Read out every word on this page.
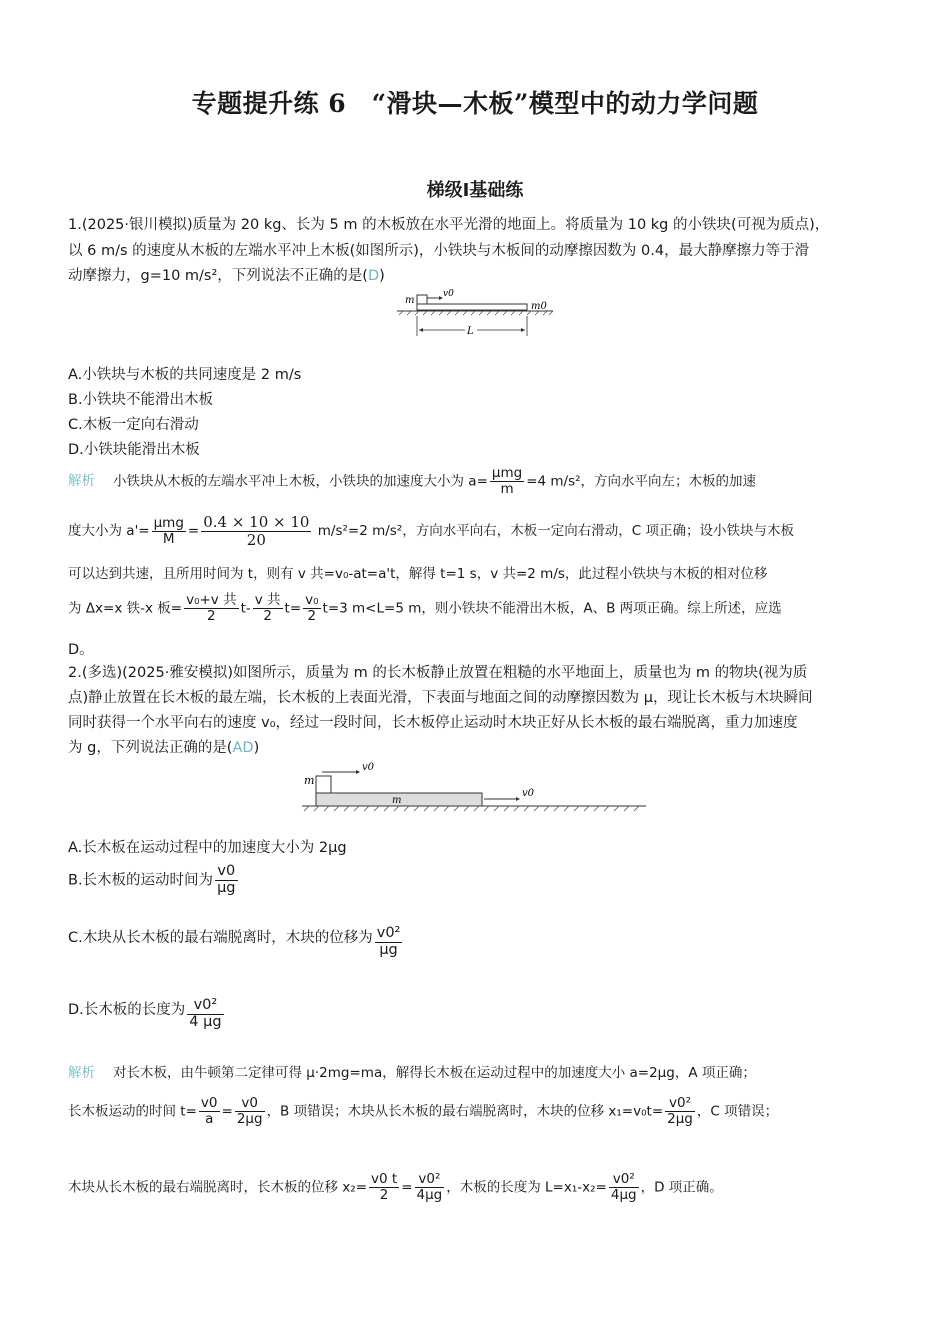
专题提升练 6　“滑块—木板”模型中的动力学问题
梯级Ⅰ基础练
1.(2025·银川模拟)质量为 20 kg、长为 5 m 的木板放在水平光滑的地面上。将质量为 10 kg 的小铁块(可视为质点)，
以 6 m/s 的速度从木板的左端水平冲上木板(如图所示)，小铁块与木板间的动摩擦因数为 0.4，最大静摩擦力等于滑
动摩擦力，g=10 m/s²，下列说法不正确的是(D)
m
v0
m0
L
A.小铁块与木板的共同速度是 2 m/s
B.小铁块不能滑出木板
C.木板一定向右滑动
D.小铁块能滑出木板
解析 小铁块从木板的左端水平冲上木板，小铁块的加速度大小为 $a= \frac{\text{μmg}}{m} =4$ m/s²，方向水平向左；木板的加速
度大小为 $a'= \frac{\text{μmg}}{M} = \frac{0.4 \times 10 \times 10}{20} m/s^2=2$ m/s²，方向水平向右，木板一定向右滑动，C 项正确；设小铁块与木板
可以达到共速，且所用时间为 t，则有 v 共=v₀-at=a't，解得 t=1 s，v 共=2 m/s，此过程小铁块与木板的相对位移
为 Δx=x 铁-x 板= $\frac{\text{v₀+v 共}}{2} t- \frac{\text{v 共}}{2} t= \frac{\text{v₀}}{2} t=3$ m<L=5 m，则小铁块不能滑出木板，A、B 两项正确。综上所述，应选
D。
2.(多选)(2025·雅安模拟)如图所示，质量为 m 的长木板静止放置在粗糙的水平地面上，质量也为 m 的物块(视为质
点)静止放置在长木板的最左端，长木板的上表面光滑，下表面与地面之间的动摩擦因数为 μ，现让长木板与木块瞬间
同时获得一个水平向右的速度 v₀，经过一段时间，长木板停止运动时木块正好从长木板的最右端脱离，重力加速度
为 g，下列说法正确的是(AD)
m
v0
m
v0
A.长木板在运动过程中的加速度大小为 2μg
B.长木板的运动时间为 $\frac{v0}{\mu g}$
C.木块从长木板的最右端脱离时，木块的位移为 $\frac{\text{v0²}}{\mu g}$
D.长木板的长度为 $\frac{\text{v0²}}{4 \mu g}$
解析 对长木板，由牛顿第二定律可得 μ·2mg=ma，解得长木板在运动过程中的加速度大小 a=2μg，A 项正确；
长木板运动的时间 $t= \frac{v0}{a} = \frac{v0}{2\mu g}$ ，B 项错误；木块从长木板的最右端脱离时，木块的位移 $x_1=v_0t= \frac{\text{v0²}}{2\mu g}$ ，C 项错误；
木块从长木板的最右端脱离时，长木板的位移 $x_2= \frac{v0 t}{2} = \frac{\text{v0²}}{4\mu g}$ ，木板的长度为 $L=x_1-x_2= \frac{\text{v0²}}{4\mu g}$ ，D 项正确。
